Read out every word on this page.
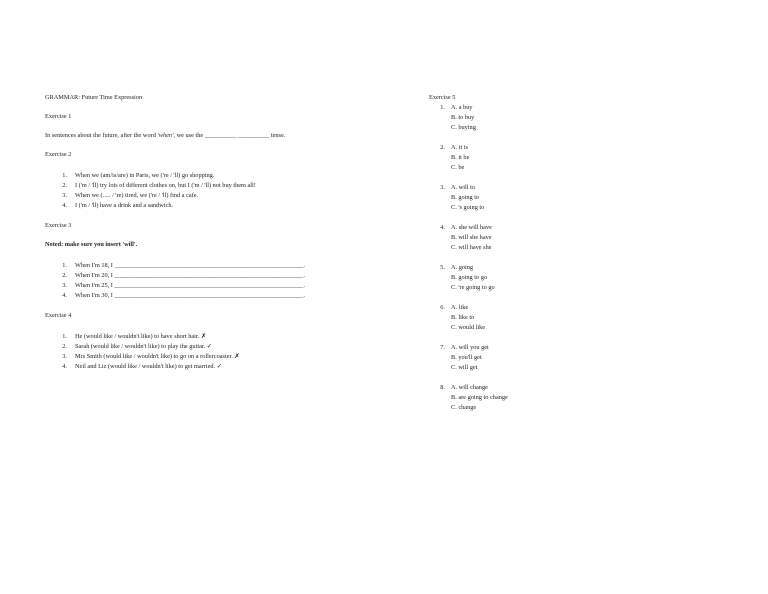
GRAMMAR: Future Time Expression
Exercise 1
In sentences about the future, after the word 'when', we use the __________ __________ tense.
Exercise 2
1. When we (am/is/are) in Paris, we ('re / 'll) go shopping.
2. I ('m / 'll) try lots of different clothes on, but I ('m / 'll) not buy them all!
3. When we (..... / 're) tired, we ('re / 'll) find a cafe.
4. I ('m / 'll) have a drink and a sandwich.
Exercise 3
Noted: make sure you insert 'will'.
1. When I'm 18, I ____________________________________________________________.
2. When I'm 20, I ____________________________________________________________.
3. When I'm 25, I ____________________________________________________________.
4. When I'm 30, I ____________________________________________________________.
Exercise 4
1. He (would like / wouldn't like) to have short hair. ✗
2. Sarah (would like / wouldn't like) to play the guitar. ✓
3. Mrs Smith (would like / wouldn't like) to go on a rollercoaster. ✗
4. Neil and Liz (would like / wouldn't like) to get married. ✓
Exercise 5
1. A. a buy
B. to buy
C. buying
2. A. it is
B. it be
C. be
3. A. will to
B. going to
C. 's going to
4. A. she will have
B. will she have
C. will have she
5. A. going
B. going to go
C. 're going to go
6. A. like
B. like to
C. would like
7. A. will you get
B. you'll get
C. will get
8. A. will change
B. are going to change
C. change
